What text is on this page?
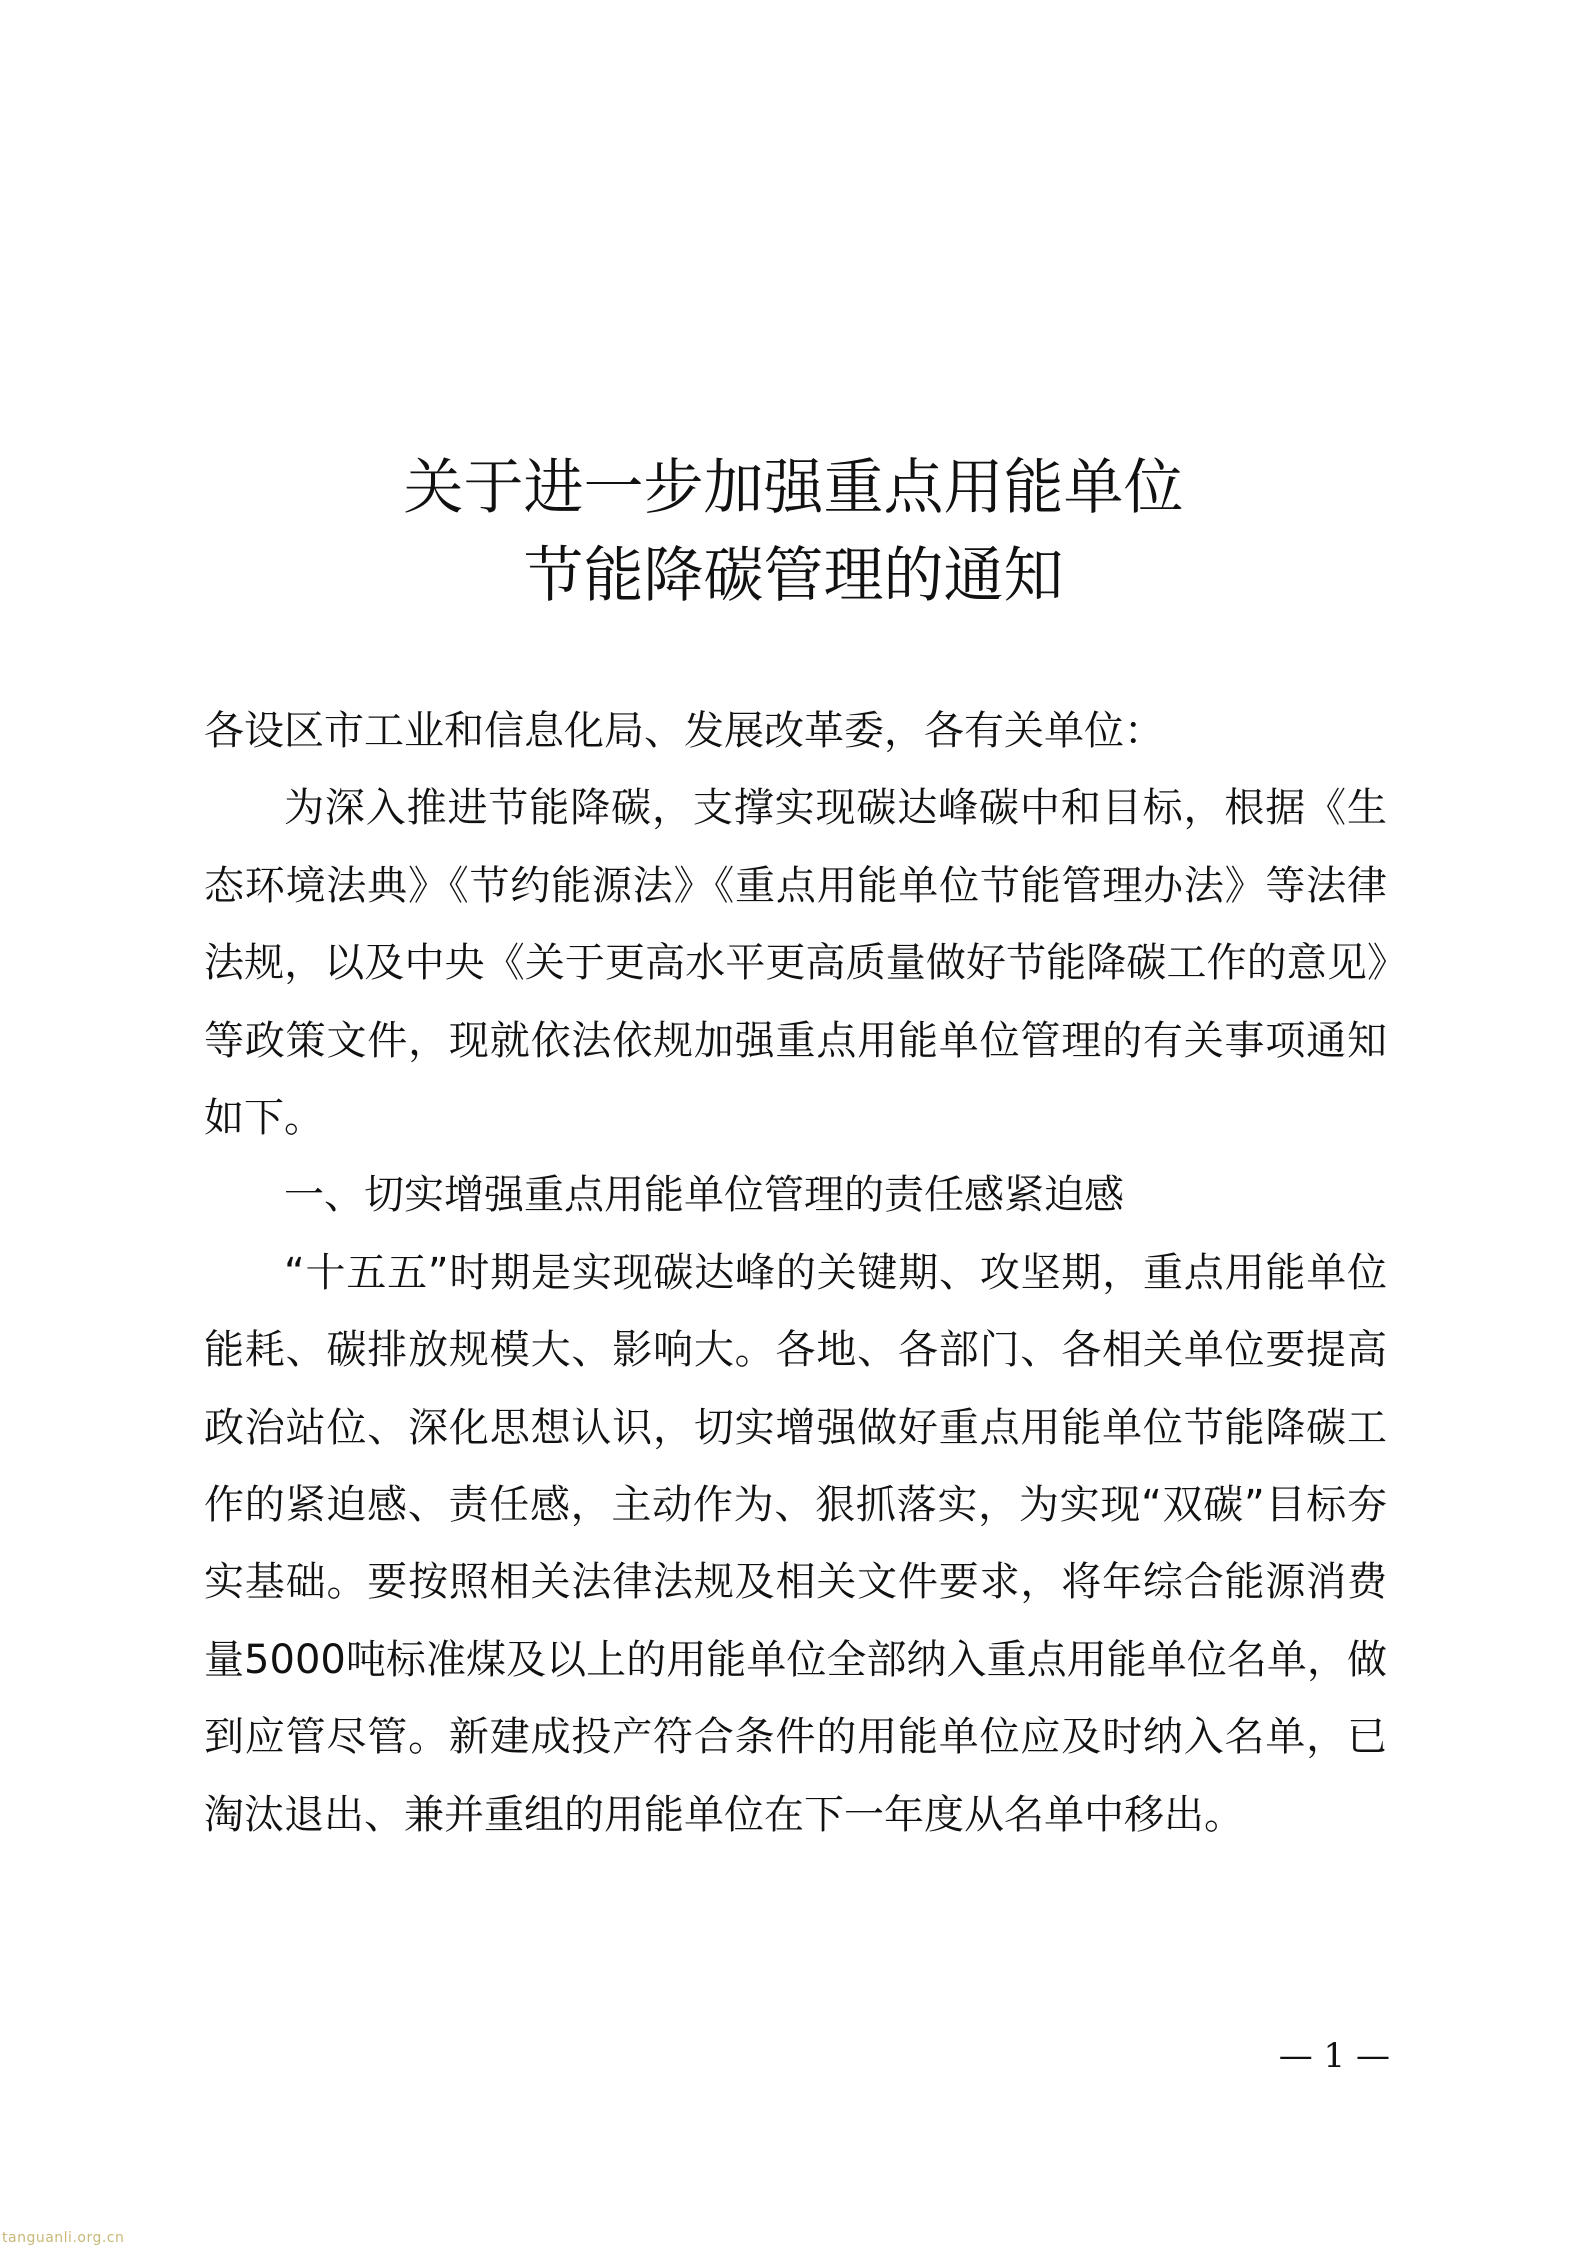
关于进一步加强重点用能单位
节能降碳管理的通知

各设区市工业和信息化局、发展改革委，各有关单位：

为深入推进节能降碳，支撑实现碳达峰碳中和目标，根据《生态环境法典》《节约能源法》《重点用能单位节能管理办法》等法律法规，以及中央《关于更高水平更高质量做好节能降碳工作的意见》等政策文件，现就依法依规加强重点用能单位管理的有关事项通知如下。

一、切实增强重点用能单位管理的责任感紧迫感

“十五五”时期是实现碳达峰的关键期、攻坚期，重点用能单位能耗、碳排放规模大、影响大。各地、各部门、各相关单位要提高政治站位、深化思想认识，切实增强做好重点用能单位节能降碳工作的紧迫感、责任感，主动作为、狠抓落实，为实现“双碳”目标夯实基础。要按照相关法律法规及相关文件要求，将年综合能源消费量5000吨标准煤及以上的用能单位全部纳入重点用能单位名单，做到应管尽管。新建成投产符合条件的用能单位应及时纳入名单，已淘汰退出、兼并重组的用能单位在下一年度从名单中移出。

— 1 —
tanguanli.org.cn
